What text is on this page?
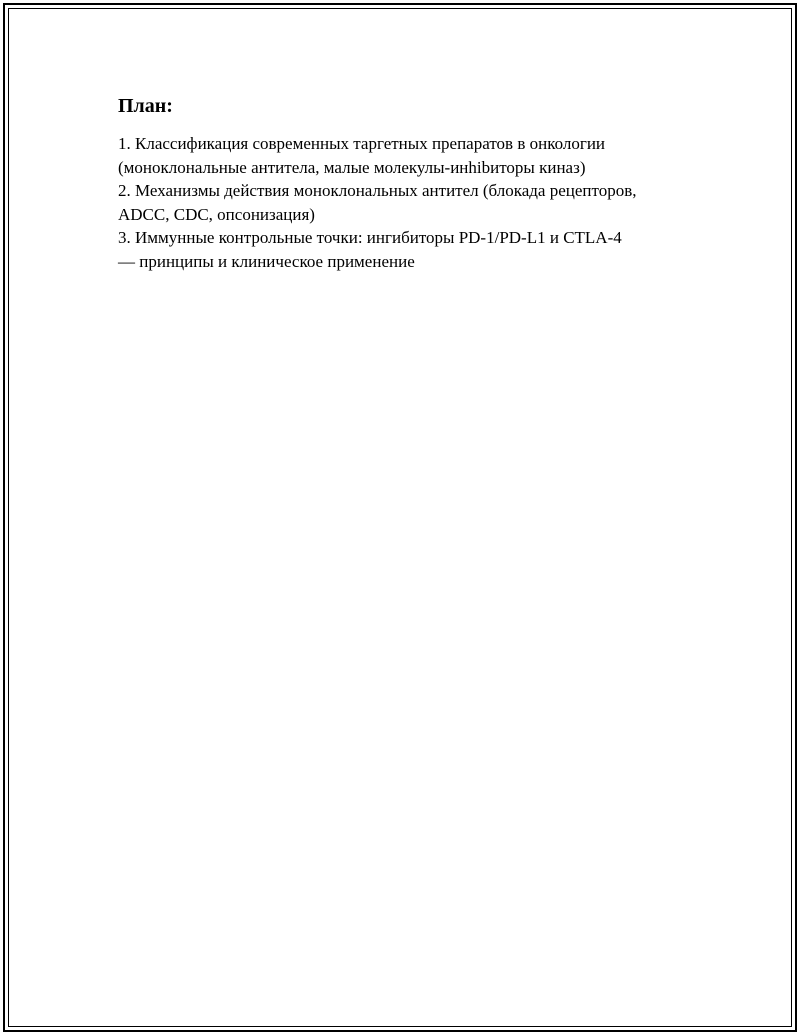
План:
1. Классификация современных таргетных препаратов в онкологии
(моноклональные антитела, малые молекулы-инhibиторы киназ)
2. Механизмы действия моноклональных антител (блокада рецепторов,
ADCC, CDC, опсонизация)
3. Иммунные контрольные точки: ингибиторы PD-1/PD-L1 и CTLA-4
— принципы и клиническое применение
